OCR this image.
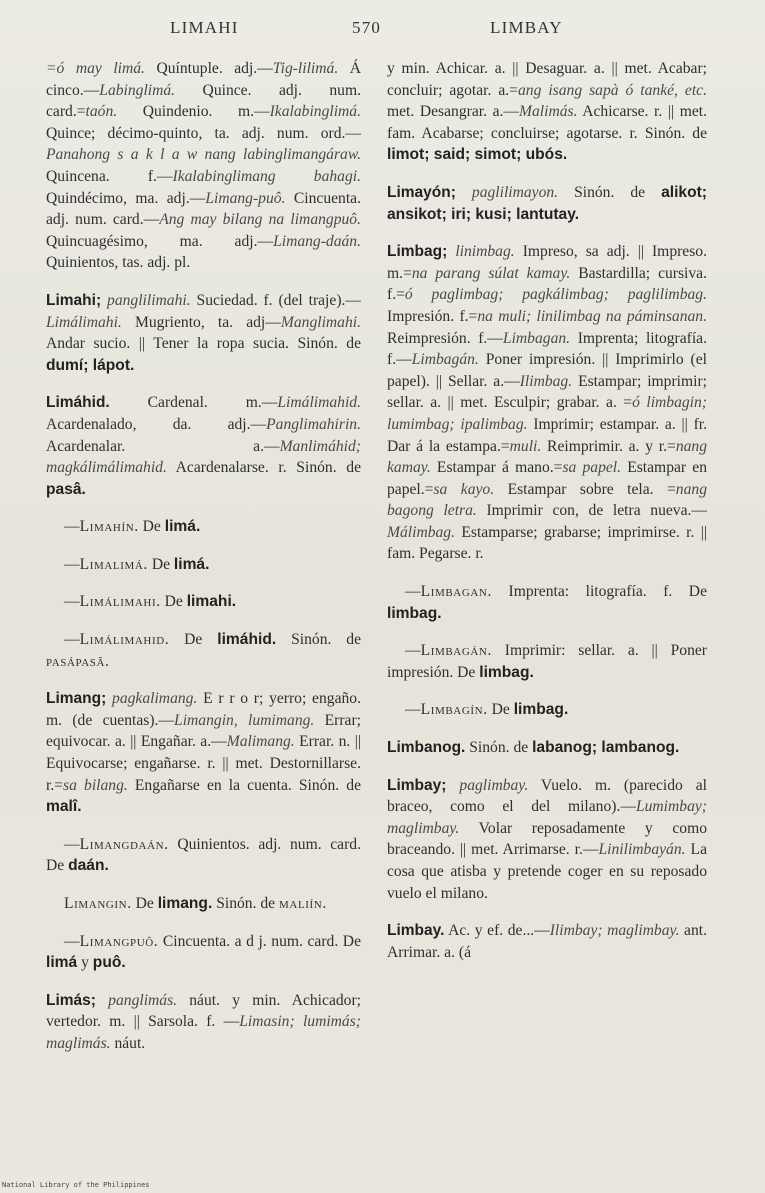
LIMAHI	570	LIMBAY
=ó may limá. Quíntuple. adj.—Tig-lilimá. Á cinco.—Labinglimá. Quince. adj. num. card.=taón. Quindenio. m.—Ikalabinglimá. Quince; décimo-quinto, ta. adj. num. ord.—Panahong s a k l a w nang labinglimangáraw. Quincena. f.—Ikalabinglimang bahagi. Quindécimo, ma. adj.—Limang-puô. Cincuenta. adj. num. card.—Ang may bilang na limangpuô. Quincuagésimo, ma. adj.—Limang-daán. Quinientos, tas. adj. pl.
Limahi; panglilimahi. Suciedad. f. (del traje).—Limálimahi. Mugriento, ta. adj—Manglimahi. Andar sucio. || Tener la ropa sucia. Sinón. de dumí; lápot.
Limáhid. Cardenal. m.—Limálimahid. Acardenalado, da. adj.—Panglimahirin. Acardenalar. a.—Manlimáhid; magkálimálimahid. Acardenalarse. r. Sinón. de pasâ.
—Limahín. De limá.
—Limalimá. De limá.
—Limálimahi. De limahi.
—Limálimahid. De limáhid. Sinón. de pasápasâ.
Limang; pagkalimang. E r r o r; yerro; engaño. m. (de cuentas).—Limangin, lumimang. Errar; equivocar. a. || Engañar. a.—Malimang. Errar. n. || Equivocarse; engañarse. r. || met. Destornillarse. r.=sa bilang. Engañarse en la cuenta. Sinón. de malî.
—Limangdaán. Quinientos. adj. num. card. De daán.
Limangin. De limang. Sinón. de maliín.
—Limangpuô. Cincuenta. a d j. num. card. De limá y puô.
Limás; panglimás. náut. y min. Achicador; vertedor. m. || Sarsola. f. —Limasin; lumimás; maglimás. náut.
y min. Achicar. a. || Desaguar. a. || met. Acabar; concluir; agotar. a.=ang isang sapà ó tanké, etc. met. Desangrar. a.—Malimás. Achicarse. r. || met. fam. Acabarse; concluirse; agotarse. r. Sinón. de limot; said; simot; ubós.
Limayón; paglilimayon. Sinón. de alikot; ansikot; iri; kusi; lantutay.
Limbag; linimbag. Impreso, sa adj. || Impreso. m.=na parang súlat kamay. Bastardilla; cursiva. f.=ó paglimbag; pagkálimbag; paglilimbag. Impresión. f.=na muli; linilimbag na páminsanan. Reimpresión. f.—Limbagan. Imprenta; litografía. f.—Limbagán. Poner impresión. || Imprimirlo (el papel). || Sellar. a.—Ilimbag. Estampar; imprimir; sellar. a. || met. Esculpir; grabar. a. =ó limbagin; lumimbag; ipalimbag. Imprimir; estampar. a. || fr. Dar á la estampa.=muli. Reimprimir. a. y r.=nang kamay. Estampar á mano.=sa papel. Estampar en papel.=sa kayo. Estampar sobre tela. =nang bagong letra. Imprimir con, de letra nueva.—Málimbag. Estamparse; grabarse; imprimirse. r. || fam. Pegarse. r.
—Limbagan. Imprenta: litografía. f. De limbag.
—Limbagán. Imprimir: sellar. a. || Poner impresión. De limbag.
—Limbagín. De limbag.
Limbanog. Sinón. de labanog; lambanog.
Limbay; paglimbay. Vuelo. m. (parecido al braceo, como el del milano).—Lumimbay; maglimbay. Volar reposadamente y como braceando. || met. Arrimarse. r.—Linilimbayán. La cosa que atisba y pretende coger en su reposado vuelo el milano.
Limbay. Ac. y ef. de...—Ilimbay; maglimbay. ant. Arrimar. a. (á
National Library of the Philippines
